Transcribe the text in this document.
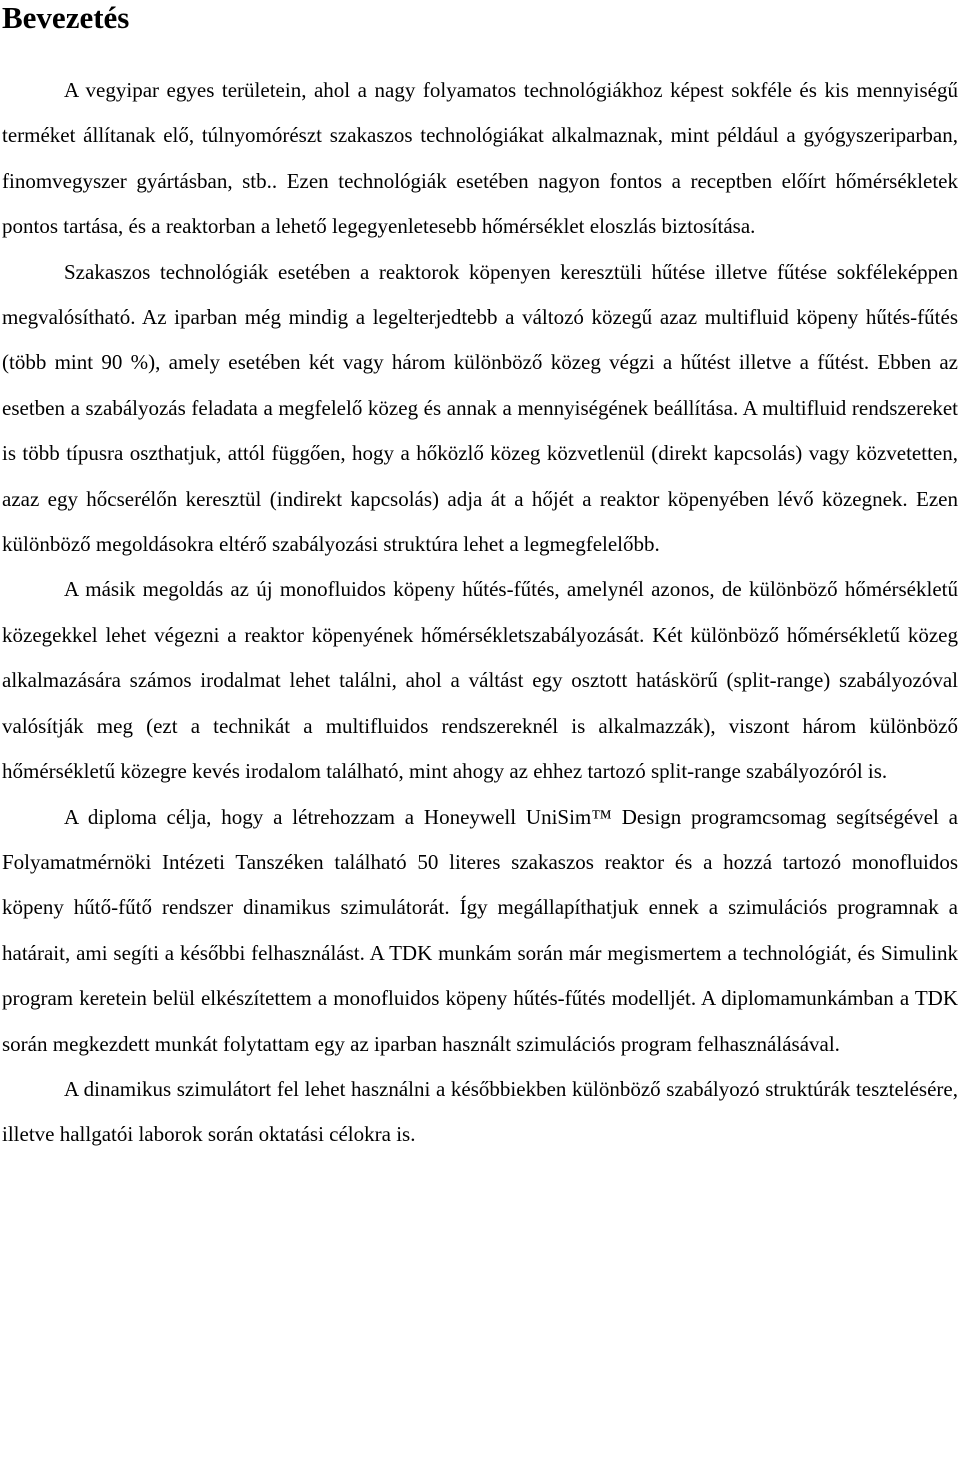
Bevezetés

A vegyipar egyes területein, ahol a nagy folyamatos technológiákhoz képest sokféle és kis mennyiségű terméket állítanak elő, túlnyomórészt szakaszos technológiákat alkalmaznak, mint például a gyógyszeriparban, finomvegyszer gyártásban, stb.. Ezen technológiák esetében nagyon fontos a receptben előírt hőmérsékletek pontos tartása, és a reaktorban a lehető legegyenletesebb hőmérséklet eloszlás biztosítása.

Szakaszos technológiák esetében a reaktorok köpenyen keresztüli hűtése illetve fűtése sokféleképpen megvalósítható. Az iparban még mindig a legelterjedtebb a változó közegű azaz multifluid köpeny hűtés-fűtés (több mint 90 %), amely esetében két vagy három különböző közeg végzi a hűtést illetve a fűtést. Ebben az esetben a szabályozás feladata a megfelelő közeg és annak a mennyiségének beállítása. A multifluid rendszereket is több típusra oszthatjuk, attól függően, hogy a hőközlő közeg közvetlenül (direkt kapcsolás) vagy közvetetten, azaz egy hőcserélőn keresztül (indirekt kapcsolás) adja át a hőjét a reaktor köpenyében lévő közegnek. Ezen különböző megoldásokra eltérő szabályozási struktúra lehet a legmegfelelőbb.

A másik megoldás az új monofluidos köpeny hűtés-fűtés, amelynél azonos, de különböző hőmérsékletű közegekkel lehet végezni a reaktor köpenyének hőmérsékletszabályozását. Két különböző hőmérsékletű közeg alkalmazására számos irodalmat lehet találni, ahol a váltást egy osztott hatáskörű (split-range) szabályozóval valósítják meg (ezt a technikát a multifluidos rendszereknél is alkalmazzák), viszont három különböző hőmérsékletű közegre kevés irodalom található, mint ahogy az ehhez tartozó split-range szabályozóról is.

A diploma célja, hogy a létrehozzam a Honeywell UniSim™ Design programcsomag segítségével a Folyamatmérnöki Intézeti Tanszéken található 50 literes szakaszos reaktor és a hozzá tartozó monofluidos köpeny hűtő-fűtő rendszer dinamikus szimulátorát. Így megállapíthatjuk ennek a szimulációs programnak a határait, ami segíti a későbbi felhasználást. A TDK munkám során már megismertem a technológiát, és Simulink program keretein belül elkészítettem a monofluidos köpeny hűtés-fűtés modelljét. A diplomamunkámban a TDK során megkezdett munkát folytattam egy az iparban használt szimulációs program felhasználásával.

A dinamikus szimulátort fel lehet használni a későbbiekben különböző szabályozó struktúrák tesztelésére, illetve hallgatói laborok során oktatási célokra is.
